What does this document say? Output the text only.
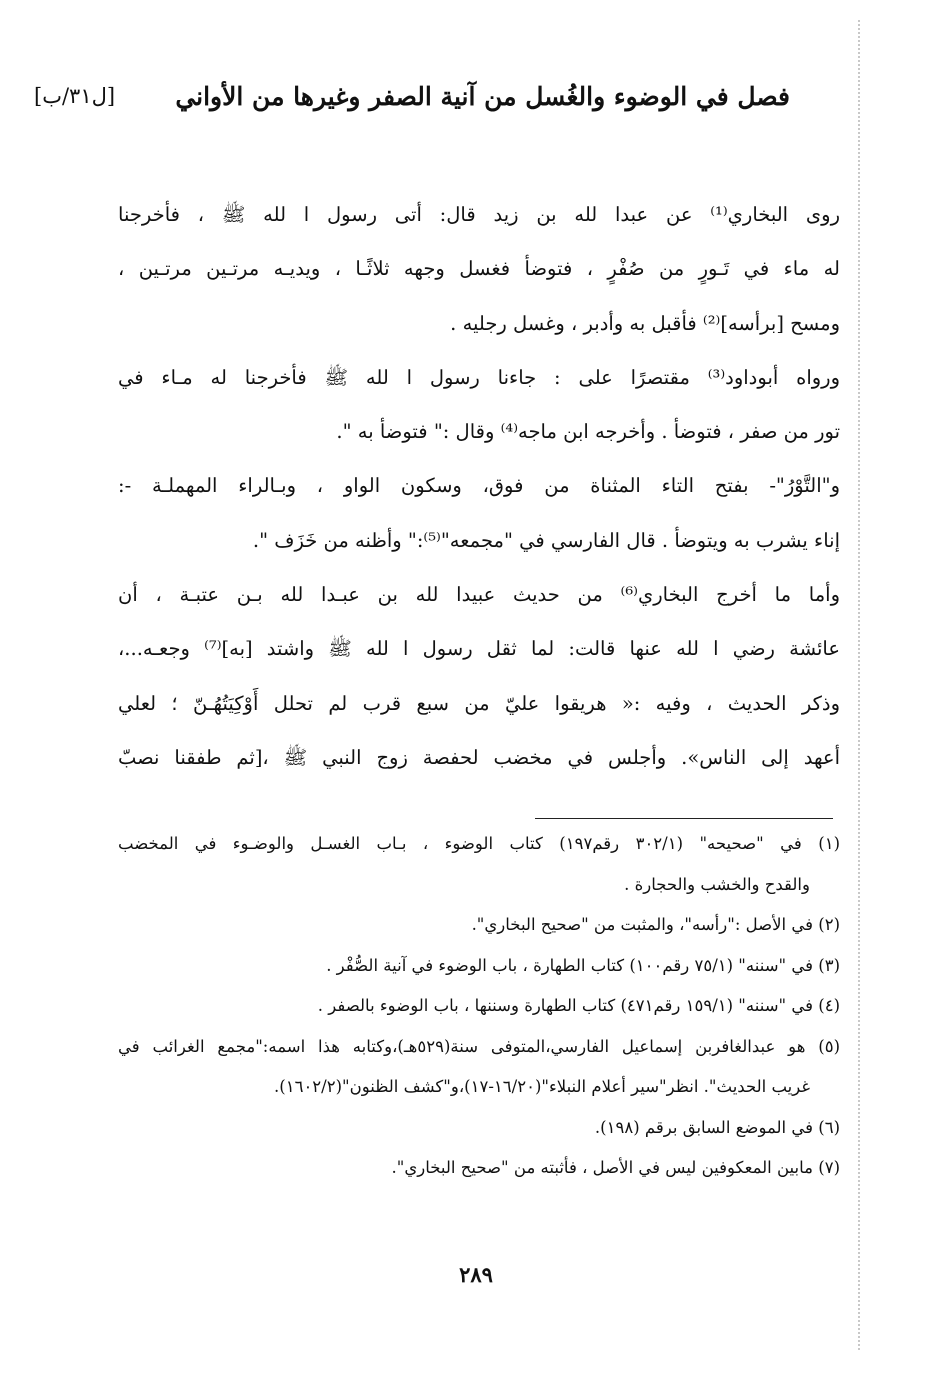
[ل٣١/ب]	فصل في الوضوء والغُسل من آنية الصفر وغيرها من الأواني
روى البخاري⁽¹⁾ عن عبدا لله بن زيد قال: أتى رسول ا لله ﷺ ، فأخرجنا
له ماء في تَـورٍ من صُفْرٍ ، فتوضأ فغسل وجهه ثلاثًـا ، ويديـه مرتـين مرتـين ،
ومسح [برأسه]⁽²⁾ فأقبل به وأدبر ، وغسل رجليه .
ورواه أبوداود⁽³⁾ مقتصرًا على : جاءنا رسول ا لله ﷺ فأخرجنا له مـاء في
تور من صفر ، فتوضأ . وأخرجه ابن ماجه⁽⁴⁾ وقال :" فتوضأ به ".
و"التَّوْرُ"- بفتح التاء المثناة من فوق، وسكون الواو ، وبـالراء المهملـة -:
إناء يشرب به ويتوضأ . قال الفارسي في "مجمعه"⁽⁵⁾:" وأظنه من خَزَف ".
وأما ما أخرج البخاري⁽⁶⁾ من حديث عبيدا لله بن عبـدا لله بـن عتبـة ، أن
عائشة رضي ا لله عنها قالت: لما ثقل رسول ا لله ﷺ واشتد [به]⁽⁷⁾ وجعـه...،
وذكر الحديث ، وفيه :« هريقوا عليّ من سبع قرب لم تحلل أَوْكِيَتُهُـنّ ؛ لعلي
أعهد إلى الناس». وأجلس في مخضب لحفصة زوج النبي ﷺ ،[ثم طفقنا نصبّ
(١) في "صحيحه" (٣٠٢/١ رقم١٩٧) كتاب الوضوء ، بـاب الغسـل والوضـوء في المخضب
والقدح والخشب والحجارة .
(٢) في الأصل :"رأسه"، والمثبت من "صحيح البخاري".
(٣) في "سننه" (٧٥/١ رقم١٠٠) كتاب الطهارة ، باب الوضوء في آنية الصُّفْر .
(٤) في "سننه" (١٥٩/١ رقم٤٧١) كتاب الطهارة وسننها ، باب الوضوء بالصفر .
(٥) هو عبدالغافربن إسماعيل الفارسي،المتوفى سنة(٥٢٩هـ)،وكتابه هذا اسمه:"مجمع الغرائب في
غريب الحديث". انظر"سير أعلام النبلاء"(١٦/٢٠-١٧)،و"كشف الظنون"(١٦٠٢/٢).
(٦) في الموضع السابق برقم (١٩٨).
(٧) مابين المعكوفين ليس في الأصل ، فأثبته من "صحيح البخاري".
٢٨٩
